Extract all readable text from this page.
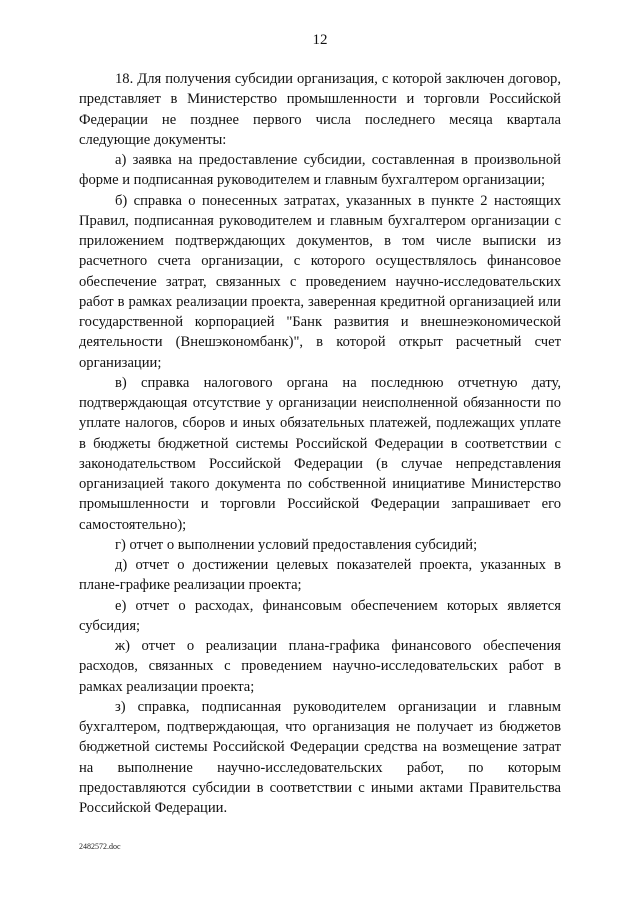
12

18. Для получения субсидии организация, с которой заключен договор, представляет в Министерство промышленности и торговли Российской Федерации не позднее первого числа последнего месяца квартала следующие документы:

а) заявка на предоставление субсидии, составленная в произвольной форме и подписанная руководителем и главным бухгалтером организации;

б) справка о понесенных затратах, указанных в пункте 2 настоящих Правил, подписанная руководителем и главным бухгалтером организации с приложением подтверждающих документов, в том числе выписки из расчетного счета организации, с которого осуществлялось финансовое обеспечение затрат, связанных с проведением научно-исследовательских работ в рамках реализации проекта, заверенная кредитной организацией или государственной корпорацией "Банк развития и внешнеэкономической деятельности (Внешэкономбанк)", в которой открыт расчетный счет организации;

в) справка налогового органа на последнюю отчетную дату, подтверждающая отсутствие у организации неисполненной обязанности по уплате налогов, сборов и иных обязательных платежей, подлежащих уплате в бюджеты бюджетной системы Российской Федерации в соответствии с законодательством Российской Федерации (в случае непредставления организацией такого документа по собственной инициативе Министерство промышленности и торговли Российской Федерации запрашивает его самостоятельно);

г) отчет о выполнении условий предоставления субсидий;

д) отчет о достижении целевых показателей проекта, указанных в плане-графике реализации проекта;

е) отчет о расходах, финансовым обеспечением которых является субсидия;

ж) отчет о реализации плана-графика финансового обеспечения расходов, связанных с проведением научно-исследовательских работ в рамках реализации проекта;

з) справка, подписанная руководителем организации и главным бухгалтером, подтверждающая, что организация не получает из бюджетов бюджетной системы Российской Федерации средства на возмещение затрат на выполнение научно-исследовательских работ, по которым предоставляются субсидии в соответствии с иными актами Правительства Российской Федерации.

2482572.doc
